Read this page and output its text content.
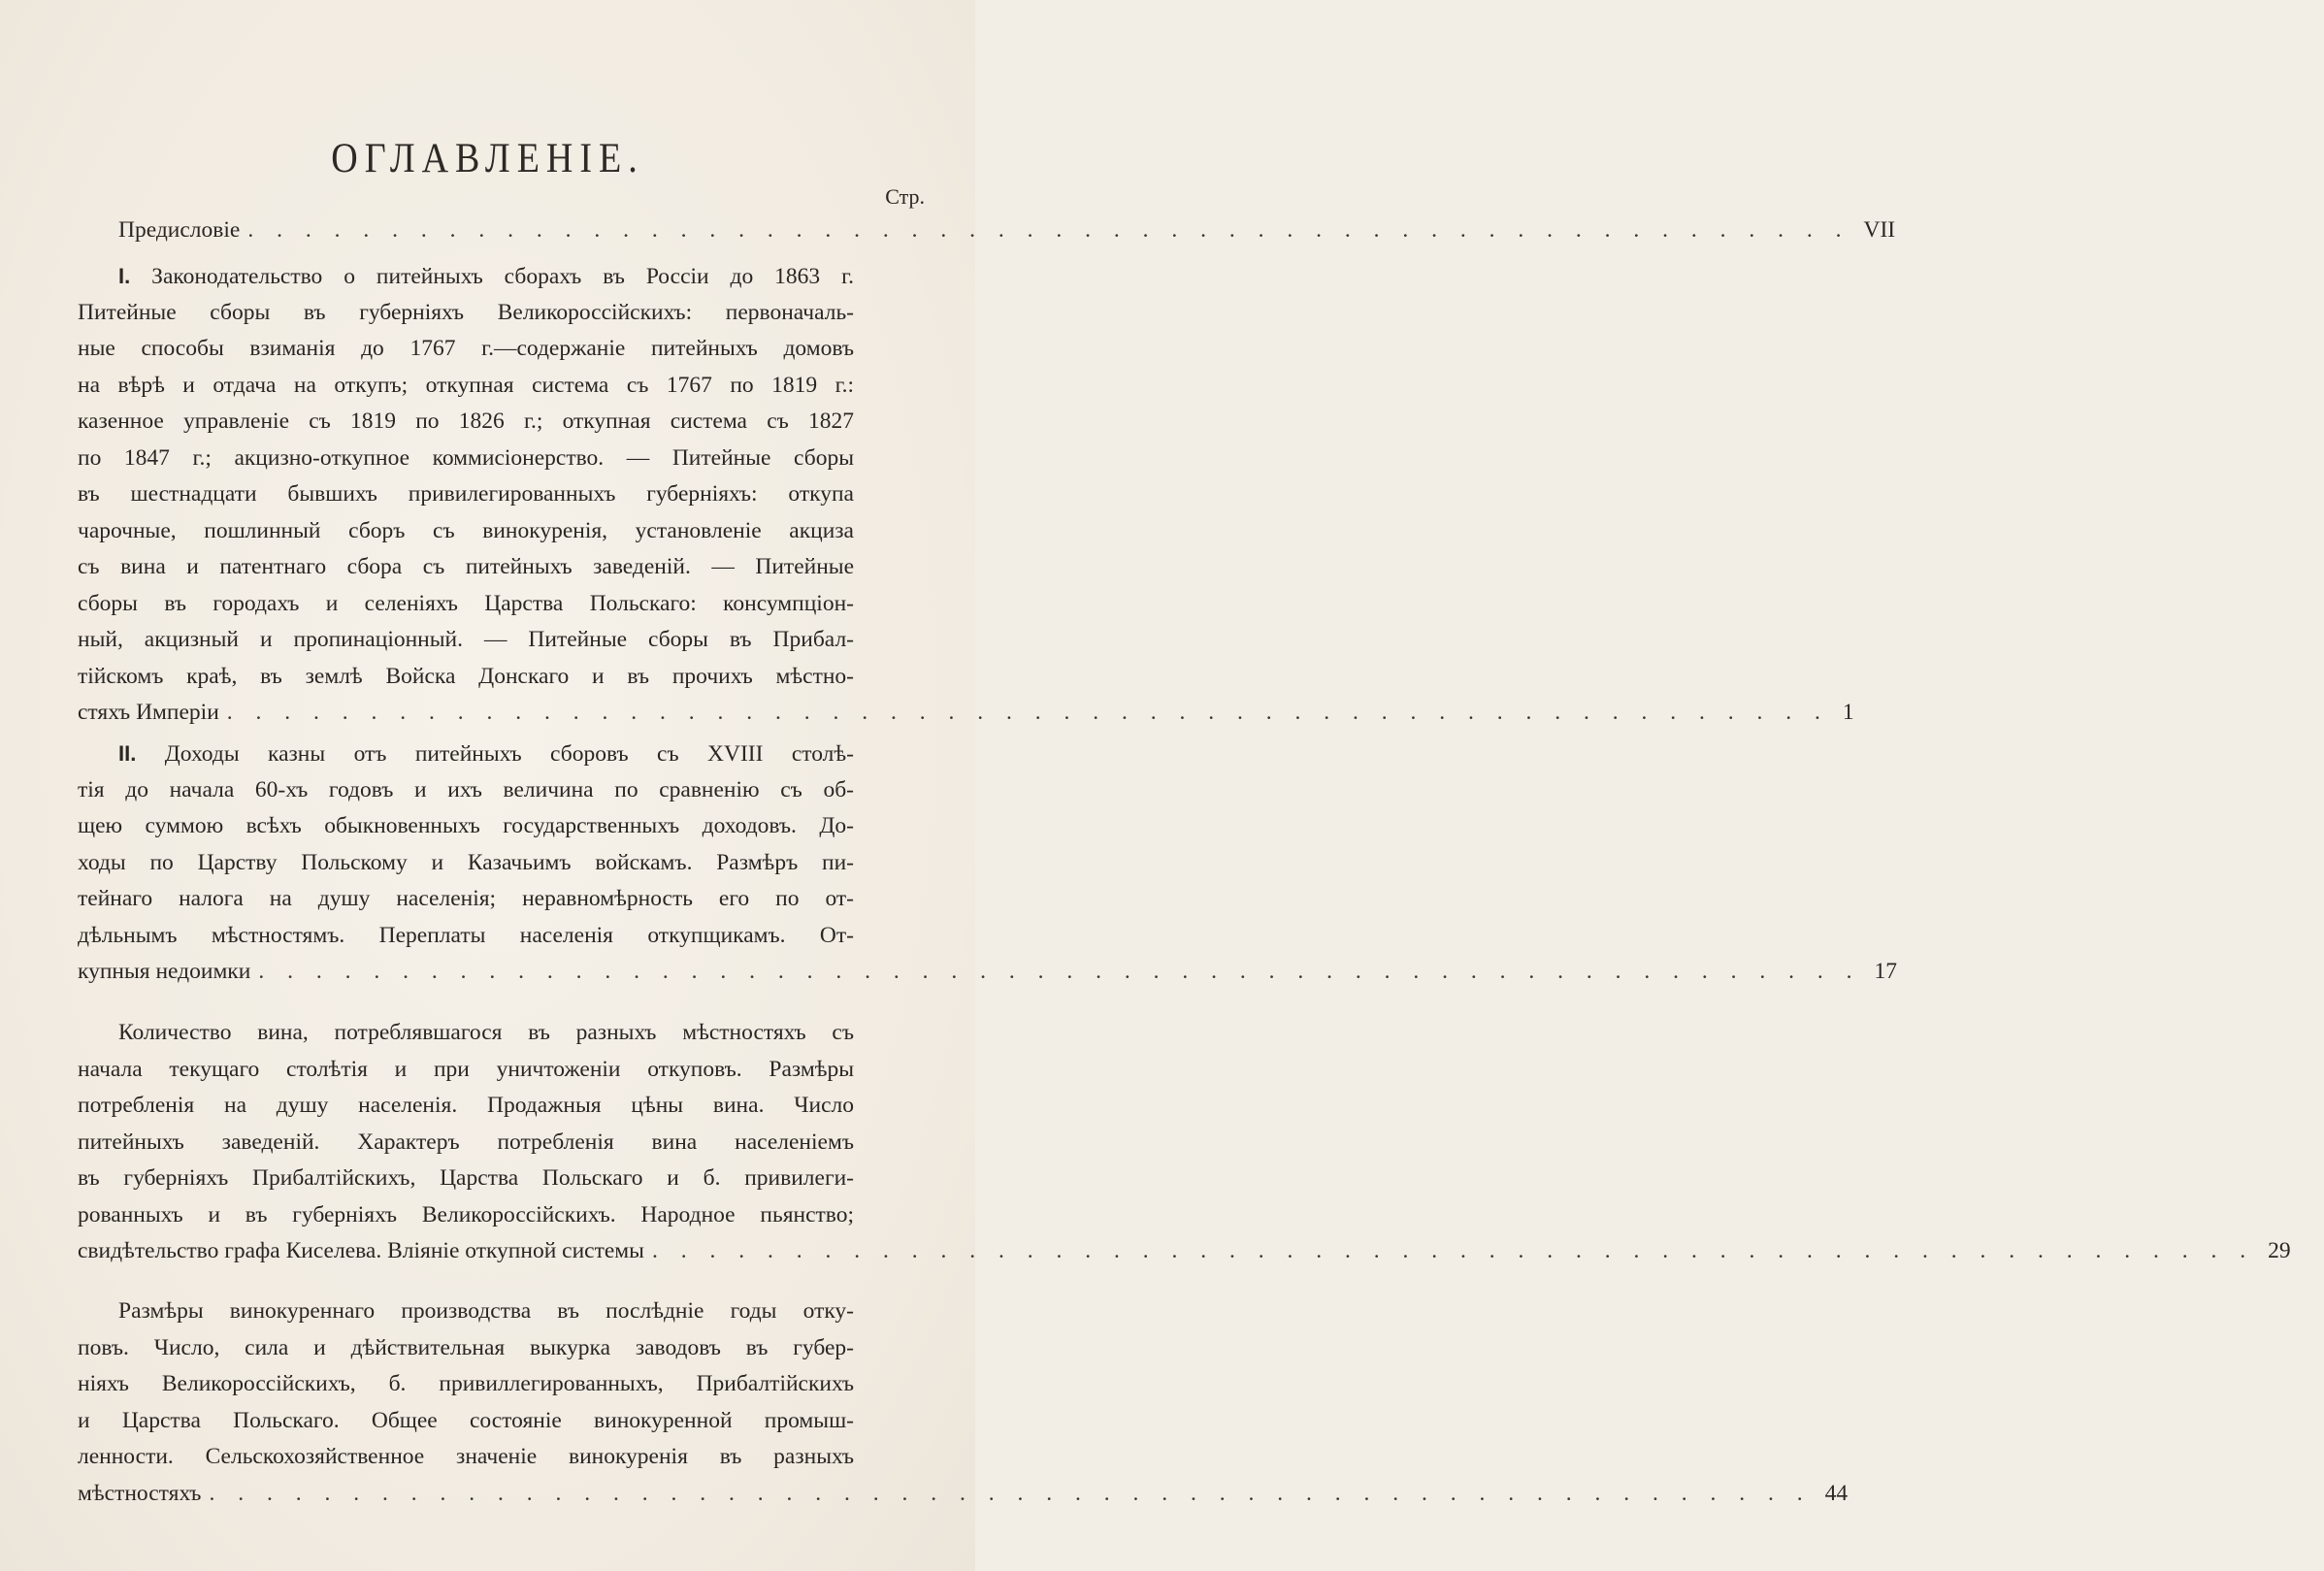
ОГЛАВЛЕНІЕ.
Стр.
Предисловіе . . . . . . . . . . . . . . . . . . . . . . . . . . . . . . . . . . . . . . . . . . . . . . . . . . . . . . . . VII
I. Законодательство о питейныхъ сборахъ въ Россіи до 1863 г.
Питейные сборы въ губерніяхъ Великороссійскихъ: первоначаль-
ные способы взиманія до 1767 г.—содержаніе питейныхъ домовъ
на вѣрѣ и отдача на откупъ; откупная система съ 1767 по 1819 г.:
казенное управленіе съ 1819 по 1826 г.; откупная система съ 1827
по 1847 г.; акцизно-откупное коммисіонерство. — Питейные сборы
въ шестнадцати бывшихъ привилегированныхъ губерніяхъ: откупа
чарочные, пошлинный сборъ съ винокуренія, установленіе акциза
съ вина и патентнаго сбора съ питейныхъ заведеній. — Питейные
сборы въ городахъ и селеніяхъ Царства Польскаго: консумпціон-
ный, акцизный и пропинаціонный. — Питейные сборы въ Прибал-
тійскомъ краѣ, въ землѣ Войска Донскаго и въ прочихъ мѣстно-
стяхъ Имперіи . . . . . . . . . . . . . . . . . . . . . . . . . . . . . . . . . . . . . . . . . . . . . . . . . . . . . . . . 1
II. Доходы казны отъ питейныхъ сборовъ съ XVIII столѣ-
тія до начала 60-хъ годовъ и ихъ величина по сравненію съ об-
щею суммою всѣхъ обыкновенныхъ государственныхъ доходовъ. До-
ходы по Царству Польскому и Казачьимъ войскамъ. Размѣръ пи-
тейнаго налога на душу населенія; неравномѣрность его по от-
дѣльнымъ мѣстностямъ. Переплаты населенія откупщикамъ. От-
купныя недоимки . . . . . . . . . . . . . . . . . . . . . . . . . . . . . . . . . . . . . . . . . . . . . . . . . . . . . . . . 17
Количество вина, потреблявшагося въ разныхъ мѣстностяхъ съ
начала текущаго столѣтія и при уничтоженіи откуповъ. Размѣры
потребленія на душу населенія. Продажныя цѣны вина. Число
питейныхъ заведеній. Характеръ потребленія вина населеніемъ
въ губерніяхъ Прибалтійскихъ, Царства Польскаго и б. привилеги-
рованныхъ и въ губерніяхъ Великороссійскихъ. Народное пьянство;
свидѣтельство графа Киселева. Вліяніе откупной системы . . . . . . . . . . . . . . . . . . . . . . . . . . . . . . . . . . . . . . . . . . . . . . . . . . . . . . . . 29
Размѣры винокуреннаго производства въ послѣдніе годы отку-
повъ. Число, сила и дѣйствительная выкурка заводовъ въ губер-
ніяхъ Великороссійскихъ, б. привиллегированныхъ, Прибалтійскихъ
и Царства Польскаго. Общее состояніе винокуренной промыш-
ленности. Сельскохозяйственное значеніе винокуренія въ разныхъ
мѣстностяхъ . . . . . . . . . . . . . . . . . . . . . . . . . . . . . . . . . . . . . . . . . . . . . . . . . . . . . . . . 44
